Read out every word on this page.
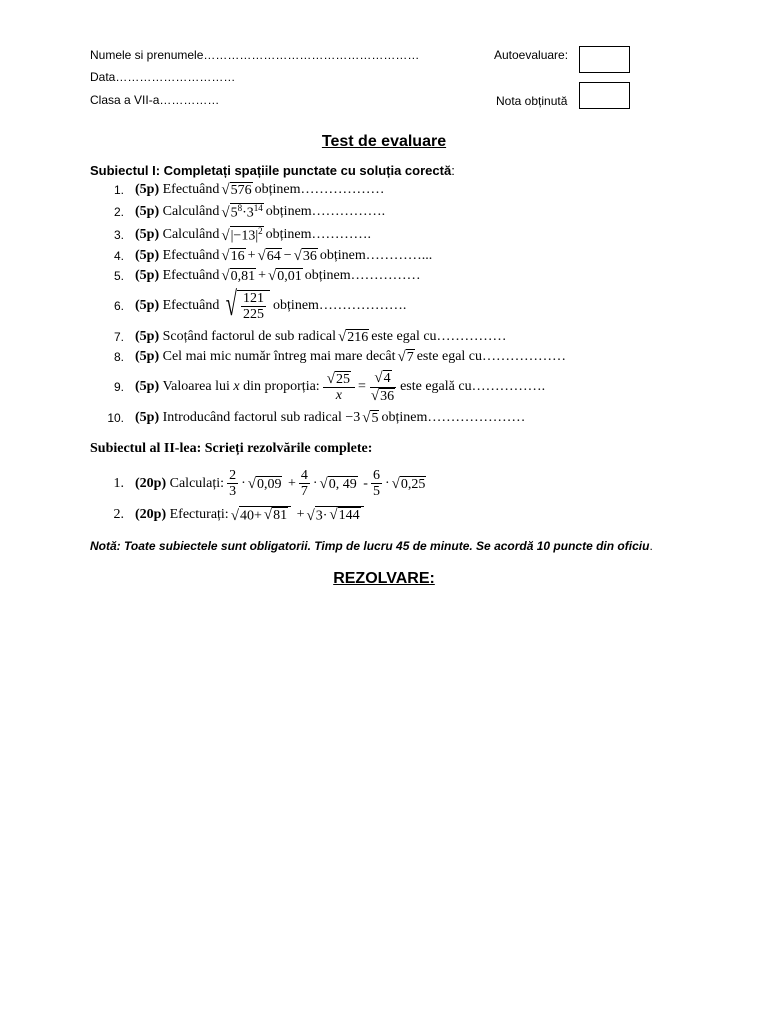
Numele si prenumele………………………………………………
Data…………………………
Clasa a VII-a……………
Autoevaluare:
Nota obținută
Test de evaluare
Subiectul I: Completați spațiile punctate cu soluția corectă:
1. (5p)
Efectuând √ 576 obținem………………
2. (5p)
Calculând √ $5^8\cdot 3^{14}$ obținem…………….
3. (5p)
Calculând √ $|-13|^2$ obținem………….
4. (5p)
Efectuând √ 16 + √ 64 − √ 36 obținem…………...
5. (5p)
Efectuând √ 0,81 + √ 0,01 obținem……………
6. (5p)
Efectuând √ $\frac{121}{225}$ obținem……………….
7. (5p)
Scoțând factorul de sub radical √ 216 este egal cu……………
8. (5p)
Cel mai mic număr întreg mai mare decât √ 7 este egal cu………………
9. (5p)
Valoarea lui
x
din proporția: $\frac{√ 25}{x} = \frac{√ 4}{√ 36}$ este egală cu…………….
10. (5p)
Introducând factorul sub radical
−3 √ 5 obținem…………………
Subiectul al II-lea: Scrieți rezolvările complete:
1. (20p)
Calculați: $\frac{2}{3}$ · √ 0,09
+ $\frac{4}{7}$ · √ 0, 49
- $\frac{6}{5}$ · √ 0,25
2. (20p)
Efecturați: √ 40+ √ 81
+ √ 3· √ 144
Notă: Toate subiectele sunt obligatorii. Timp de lucru 45 de minute. Se acordă 10 puncte din oficiu.
REZOLVARE:
